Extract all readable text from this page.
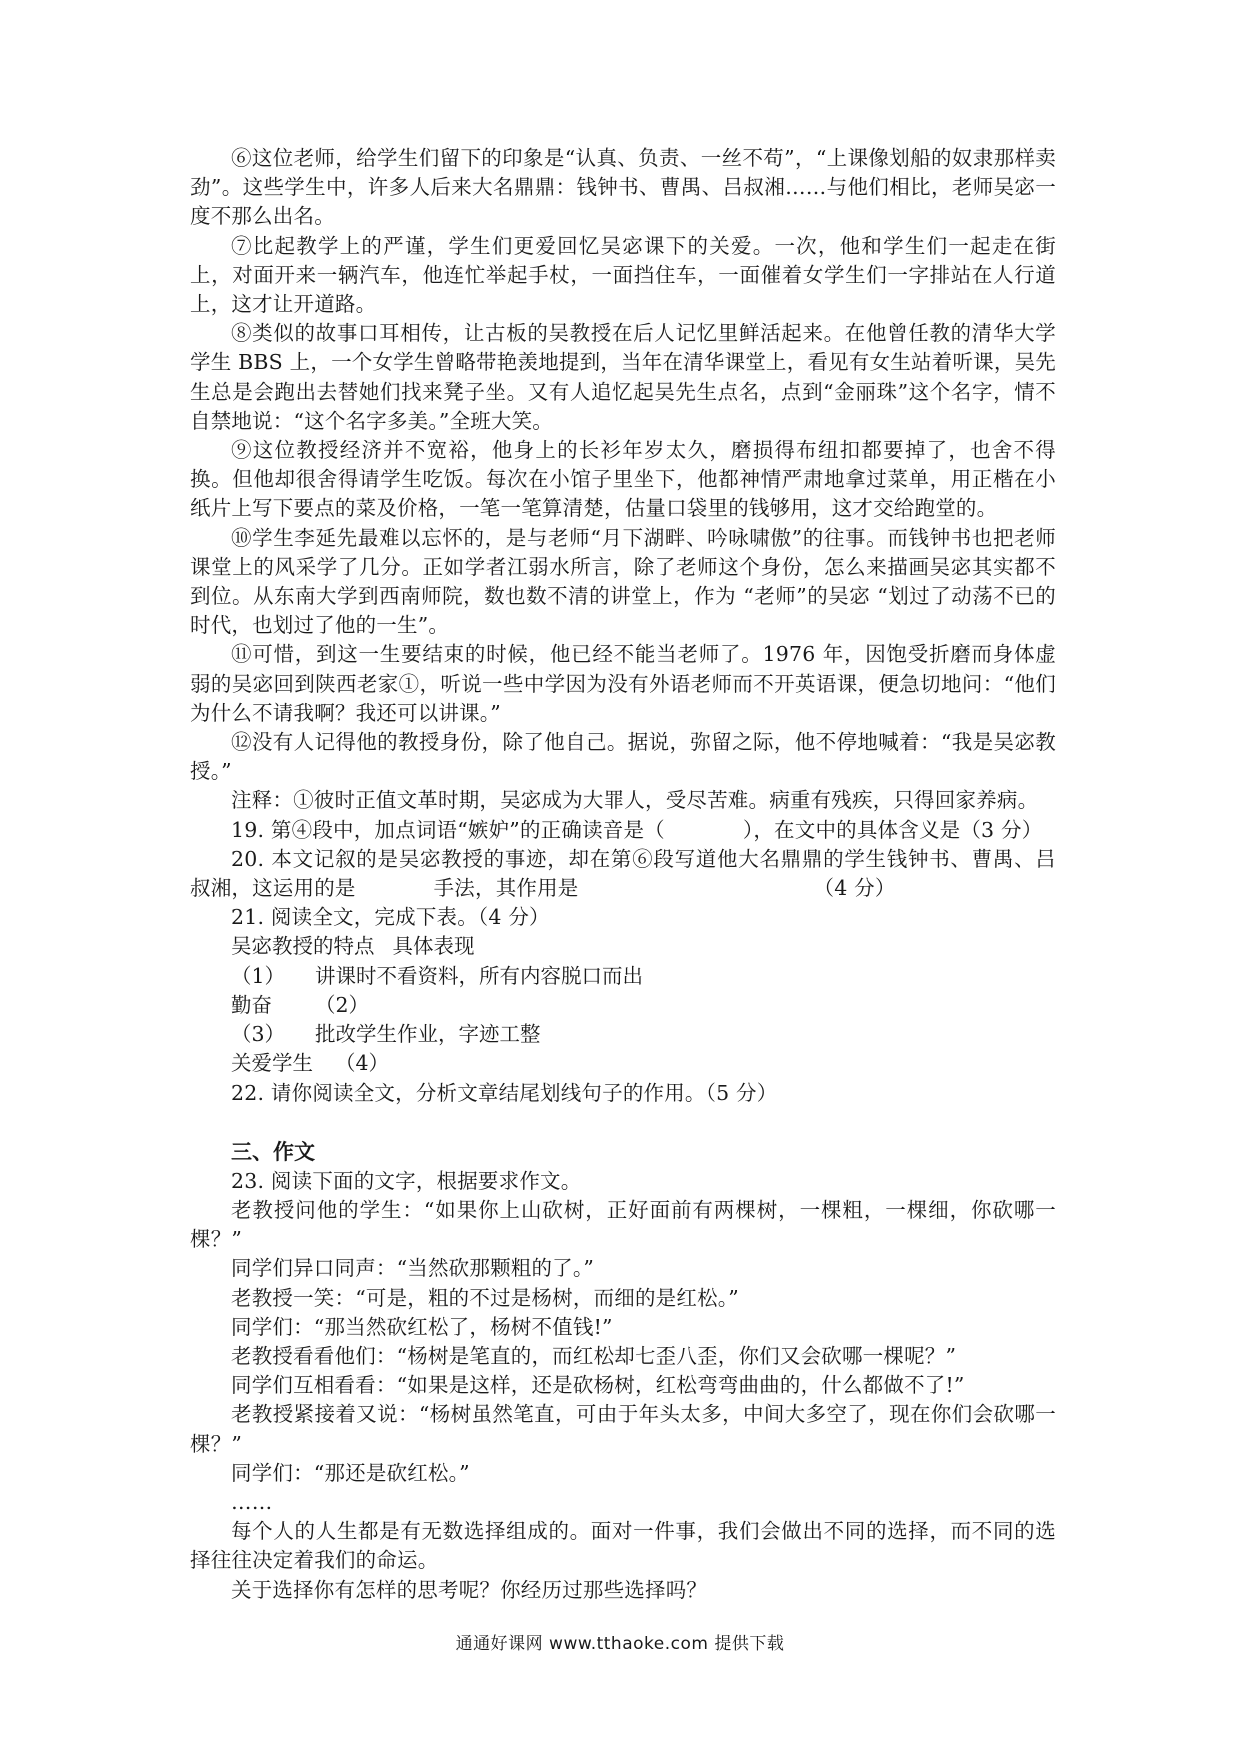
⑥这位老师，给学生们留下的印象是“认真、负责、一丝不苟”，“上课像划船的奴隶那样卖劲”。这些学生中，许多人后来大名鼎鼎：钱钟书、曹禺、吕叔湘……与他们相比，老师吴宓一度不那么出名。

⑦比起教学上的严谨，学生们更爱回忆吴宓课下的关爱。一次，他和学生们一起走在街上，对面开来一辆汽车，他连忙举起手杖，一面挡住车，一面催着女学生们一字排站在人行道上，这才让开道路。

⑧类似的故事口耳相传，让古板的吴教授在后人记忆里鲜活起来。在他曾任教的清华大学学生 BBS 上，一个女学生曾略带艳羡地提到，当年在清华课堂上，看见有女生站着听课，吴先生总是会跑出去替她们找来凳子坐。又有人追忆起吴先生点名，点到“金丽珠”这个名字，情不自禁地说：“这个名字多美。”全班大笑。

⑨这位教授经济并不宽裕，他身上的长衫年岁太久，磨损得布纽扣都要掉了，也舍不得换。但他却很舍得请学生吃饭。每次在小馆子里坐下，他都神情严肃地拿过菜单，用正楷在小纸片上写下要点的菜及价格，一笔一笔算清楚，估量口袋里的钱够用，这才交给跑堂的。

⑩学生李延先最难以忘怀的，是与老师“月下湖畔、吟咏啸傲”的往事。而钱钟书也把老师课堂上的风采学了几分。正如学者江弱水所言，除了老师这个身份，怎么来描画吴宓其实都不到位。从东南大学到西南师院，数也数不清的讲堂上，作为 “老师”的吴宓 “划过了动荡不已的时代，也划过了他的一生”。

⑪可惜，到这一生要结束的时候，他已经不能当老师了。1976 年，因饱受折磨而身体虚弱的吴宓回到陕西老家①，听说一些中学因为没有外语老师而不开英语课，便急切地问：“他们为什么不请我啊？我还可以讲课。”

⑫没有人记得他的教授身份，除了他自己。据说，弥留之际，他不停地喊着：“我是吴宓教授。”

注释：①彼时正值文革时期，吴宓成为大罪人，受尽苦难。病重有残疾，只得回家养病。

19. 第④段中，加点词语“嫉妒”的正确读音是（	），在文中的具体含义是（3 分）

20. 本文记叙的是吴宓教授的事迹，却在第⑥段写道他大名鼎鼎的学生钱钟书、曹禺、吕叔湘，这运用的是	手法，其作用是	（4 分）

21. 阅读全文，完成下表。（4 分）

吴宓教授的特点 具体表现
（1）	讲课时不看资料，所有内容脱口而出
勤奋	（2）
（3）	批改学生作业，字迹工整
关爱学生	（4）

22. 请你阅读全文，分析文章结尾划线句子的作用。（5 分）

三、作文

23. 阅读下面的文字，根据要求作文。

老教授问他的学生：“如果你上山砍树，正好面前有两棵树，一棵粗，一棵细，你砍哪一棵？”

同学们异口同声：“当然砍那颗粗的了。”

老教授一笑：“可是，粗的不过是杨树，而细的是红松。”

同学们：“那当然砍红松了，杨树不值钱!”

老教授看看他们：“杨树是笔直的，而红松却七歪八歪，你们又会砍哪一棵呢？”

同学们互相看看：“如果是这样，还是砍杨树，红松弯弯曲曲的，什么都做不了!”

老教授紧接着又说：“杨树虽然笔直，可由于年头太多，中间大多空了，现在你们会砍哪一棵？”

同学们：“那还是砍红松。”

……

每个人的人生都是有无数选择组成的。面对一件事，我们会做出不同的选择，而不同的选择往往决定着我们的命运。

关于选择你有怎样的思考呢？你经历过那些选择吗？

通通好课网 www.tthaoke.com 提供下载
